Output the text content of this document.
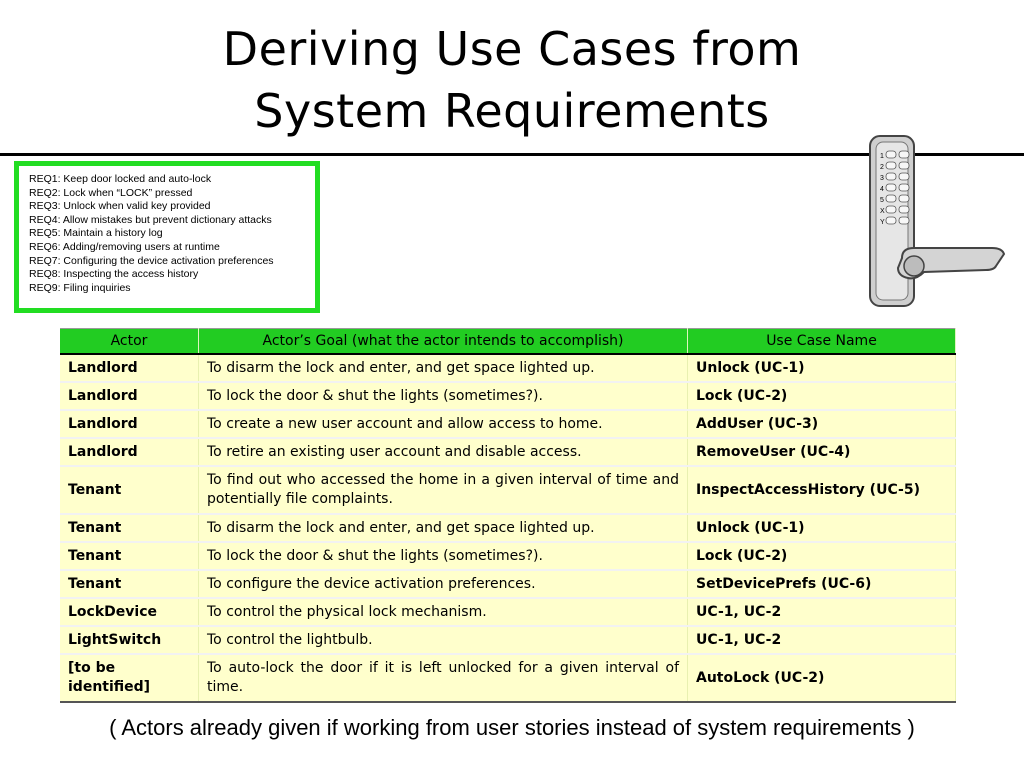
Deriving Use Cases from
System Requirements
REQ1: Keep door locked and auto-lock
REQ2: Lock when “LOCK” pressed
REQ3: Unlock when valid key provided
REQ4: Allow mistakes but prevent dictionary attacks
REQ5: Maintain a history log
REQ6: Adding/removing users at runtime
REQ7: Configuring the device activation preferences
REQ8: Inspecting the access history
REQ9: Filing inquiries
1
2
3
4
5
X
Y
Actor	Actor’s Goal (what the actor intends to accomplish)	Use Case Name
Landlord	To disarm the lock and enter, and get space lighted up.	Unlock (UC-1)
Landlord	To lock the door & shut the lights (sometimes?).	Lock (UC-2)
Landlord	To create a new user account and allow access to home.	AddUser (UC-3)
Landlord	To retire an existing user account and disable access.	RemoveUser (UC-4)
Tenant	To find out who accessed the home in a given interval of time and potentially file complaints.	InspectAccessHistory (UC-5)
Tenant	To disarm the lock and enter, and get space lighted up.	Unlock (UC-1)
Tenant	To lock the door & shut the lights (sometimes?).	Lock (UC-2)
Tenant	To configure the device activation preferences.	SetDevicePrefs (UC-6)
LockDevice	To control the physical lock mechanism.	UC-1, UC-2
LightSwitch	To control the lightbulb.	UC-1, UC-2
[to be identified]	To auto-lock the door if it is left unlocked for a given interval of time.	AutoLock (UC-2)
( Actors already given if working from user stories instead of system requirements )
